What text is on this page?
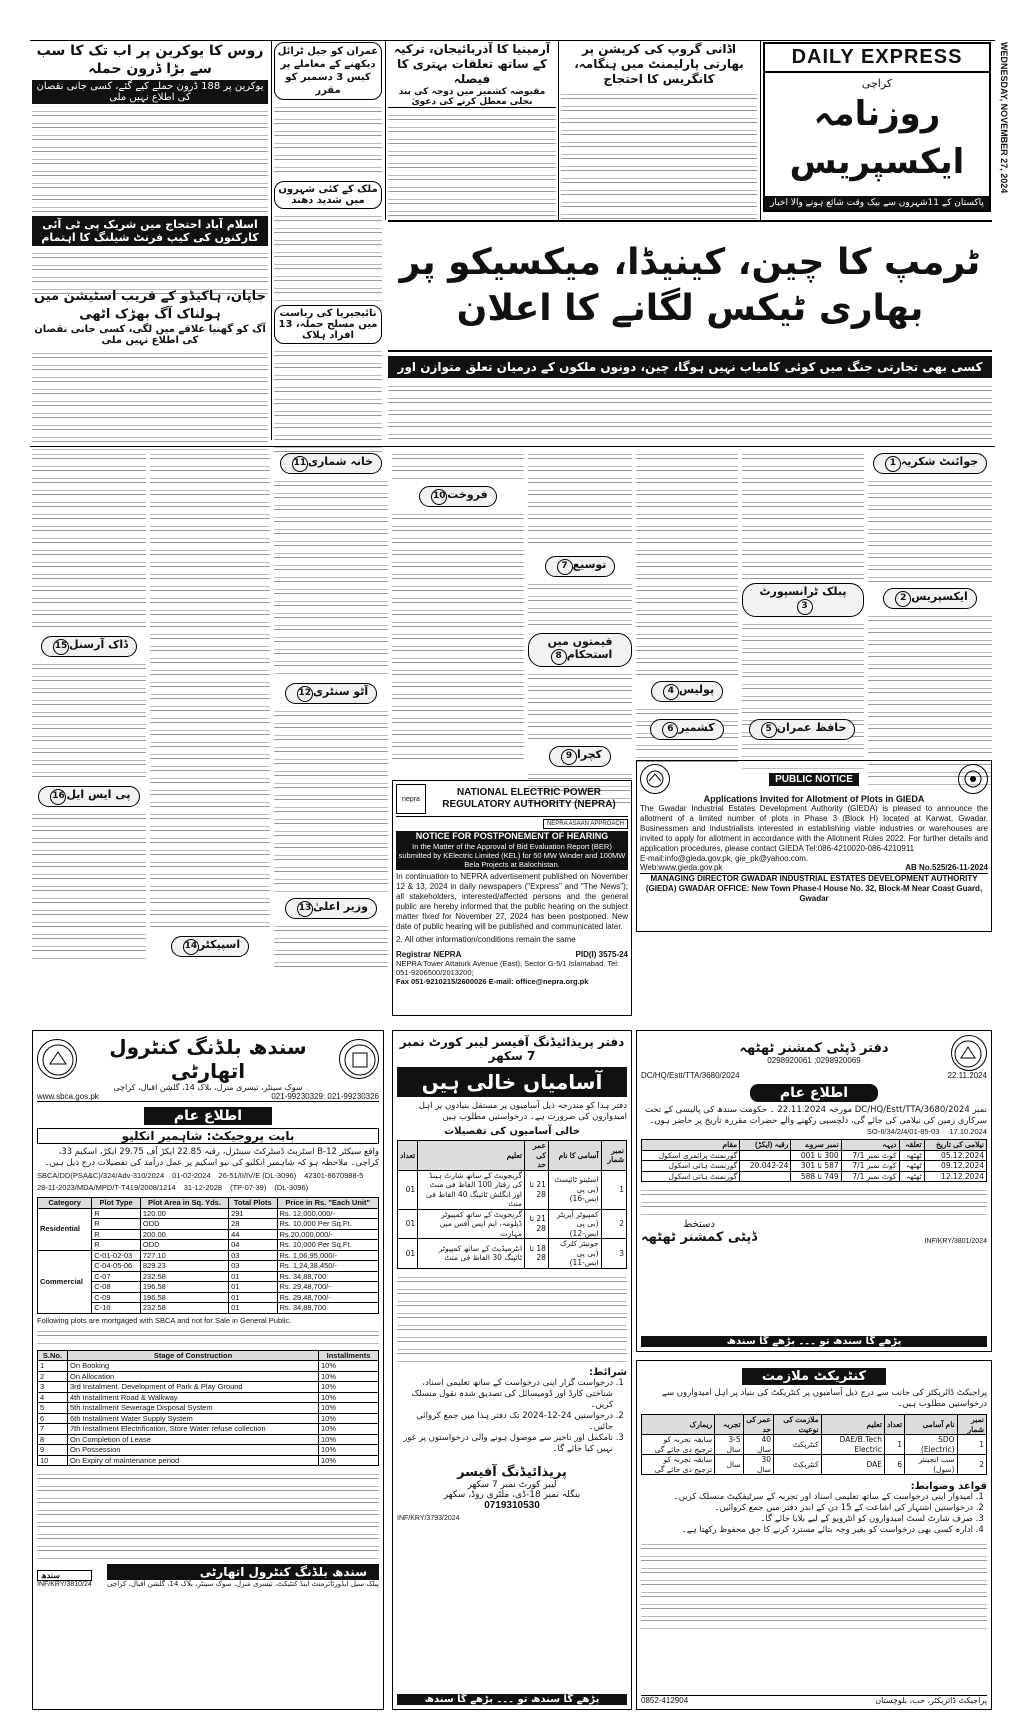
روس کا یوکرین پر اب تک کا سب سے بڑا ڈرون حملہ
یوکرین پر 188 ڈرون حملے کیے گئے، کسی جانی نقصان کی اطلاع نہیں ملی
اسلام آباد احتجاج میں شریک پی ٹی آئی کارکنوں کی کیپ فرنٹ شیلنگ کا اہتمام
جاپان، ہاکیڈو کے قریب اسٹیشن میں ہولناک آگ بھڑک اٹھی
آگ کو گھنیا علاقے میں لگی، کسی جانی نقصان کی اطلاع نہیں ملی
عمران کو جیل ٹرائل دیکھنے کے معاملے پر کیس 3 دسمبر کو مقرر
ملک کے کئی شہروں میں شدید دھند
نائیجیریا کی ریاست میں مسلح حملہ، 13 افراد ہلاک
آرمینیا کا آذربائیجان، ترکیہ کے ساتھ تعلقات بہتری کا فیصلہ
مقبوضہ کشمیر میں ذوجہ کی بند بجلی معطل کرنے کی دعویٰ
اڈانی گروپ کی کرپشن پر بھارتی پارلیمنٹ میں ہنگامہ، کانگریس کا احتجاج
DAILY EXPRESS
کراچی
روزنامہ ایکسپریس
پاکستان کے 11شہروں سے بیک وقت شائع ہونے والا اخبار
WEDNESDAY, NOVEMBER 27, 2024
ٹرمپ کا چین، کینیڈا، میکسیکو پر بھاری ٹیکس لگانے کا اعلان
کسی بھی تجارتی جنگ میں کوئی کامیاب نہیں ہوگا، چین، دونوں ملکوں کے درمیان تعلق متوازن اور
جوائنٹ شکریہ1
ایکسپریس2
پبلک ٹرانسپورٹ3
پولیس4
PUBLIC NOTICE
Applications Invited for Allotment of Plots in GIEDA
The Gwadar Industrial Estates Development Authority (GIEDA) is pleased to announce the allotment of a limited number of plots in Phase 3 (Block H) located at Karwat, Gwadar. Businessmen and industrialists interested in establishing viable industries or warehouses are invited to apply for allotment in accordance with the Allotment Rules 2022. For further details and application procedures, please contact GIEDA Tel:086-4210020-086-4210911
E-mail:info@gieda.gov.pk, gie_pk@yahoo.com.
Web:www.gieda.gov.pk	AB No.525/26-11-2024
MANAGING DIRECTOR GWADAR INDUSTRIAL ESTATES DEVELOPMENT AUTHORITY (GIEDA) GWADAR OFFICE: New Town Phase-I House No. 32, Block-M Near Coast Guard, Gwadar
توسیع7
قیمتوں میں استحکام8
کچرا9
فروخت10
خانہ شماری11
آٹو سنٹری12
وزیر اعلیٰ13
اسپیکٹر14
ڈاک آرسنل15
پی ایس ایل16
حافظ عمران5
کشمیر6
nepra
NATIONAL ELECTRIC POWER REGULATORY AUTHORITY (NEPRA)
NEPRA ASAAN APPROACH
NOTICE FOR POSTPONEMENT OF HEARING
In the Matter of the Approval of Bid Evaluation Report (BER) submitted by KElectric Limited (KEL) for 50 MW Winder and 100MW Bela Projects at Balochistan.
In continuation to NEPRA advertisement published on November 12 & 13, 2024 in daily newspapers ("Express" and "The News"); all stakeholders, interested/affected persons and the general public are hereby informed that the public hearing on the subject matter fixed for November 27, 2024 has been postponed. New date of public hearing will be published and communicated later.
2. All other information/conditions remain the same
Registrar NEPRA	PID(I) 3575-24
NEPRA Tower Attaturk Avenue (East), Sector G-5/1 Islamabad. Tel: 051-9206500/2013200;
Fax 051-9210215/2600026 E-mail: office@nepra.org.pk
سندھ بلڈنگ کنٹرول اتھارٹی
سوک سینٹر، تیسری منزل، بلاک 14، گلشن اقبال، کراچی
www.sbca.gos.pk	021-99230329: 021-99230326
اطلاع عام
بابت پروجیکٹ: شاہمیر انکلیو
واقع سیکٹر 12-B اسٹریٹ ڈسٹرکٹ سینٹرل، رقبہ 22.85 ایکڑ آف 29.75 ایکڑ، اسکیم 33، کراچی۔ ملاحظہ ہو کہ شاہمیر انکلیو کی نیو اسکیم پر عمل درآمد کی تفصیلات درج ذیل ہیں۔
SBCA/DD(PSA&C)/324/Adv-310/2024 01-02-2024 26-51/II/IV/E (DL-3096) 42301-8670988-5
28-11-2023/MDA/MPD/T-T419/2008/1214 31-12-2028 (TP-07-39) (DL-3096)
Category	Plot Type	Plot Area in Sq. Yds.	Total Plots	Price in Rs. "Each Unit"
Residential	R	120.00	291	Rs. 12,000,000/-
	R	ODD	28	Rs. 10,000 Per Sq.Ft.
	R	200.00	44	Rs.20,000,000/-
	R	ODD	04	Rs. 10,000 Per Sq.Ft.
Commercial	C-01-02-03	727.10	03	Rs. 1,06,95,000/-
	C-04-05-06	829.23	03	Rs. 1,24,38,450/-
	C-07	232.58	01	Rs. 34,88,700
	C-08	196.58	01	Rs. 29,48,700/-
	C-09	196.58	01	Rs. 29,48,700/-
	C-10	232.58	01	Rs. 34,88,700
Following plots are mortgaged with SBCA and not for Sale in General Public.
S.No.	Stage of Construction	Installments
1	On Booking	10%
2	On Allocation	10%
3	3rd Instalment. Development of Park & Play Ground	10%
4	4th Installment Road & Walkway	10%
5	5th Installment Sewerage Disposal System	10%
6	6th Installment Water Supply System	10%
7	7th Installment Electrification, Store Water refuse collection	10%
8	On Completion of Lease	10%
9	On Possession	10%
10	On Expiry of maintenance period	10%
سندھ
INF/KRY/3810/24
سندھ بلڈنگ کنٹرول اتھارٹی
پبلک سیل ایڈورٹائزمنٹ اینڈ کنٹیکٹ، تیسری منزل، سوک سینٹر، بلاک 14، گلشن اقبال، کراچی
دفتر پریذائیڈنگ آفیسر لیبر کورٹ نمبر 7 سکھر
آسامیاں خالی ہیں
دفتر ہذا کو مندرجہ ذیل آسامیوں پر مستقل بنیادوں پر اہل امیدواروں کی ضرورت ہے۔ درخواستیں مطلوب ہیں
خالی آسامیوں کی تفصیلات
نمبر شمار	آسامی کا نام	عمر کی حد	تعلیم	تعداد
1	اسٹینو ٹائپسٹ (بی پی ایس-16)	21 تا 28	گریجویٹ کے ساتھ شارٹ ہینڈ کی رفتار 100 الفاظ فی منٹ اور انگلش ٹائپنگ 40 الفاظ فی منٹ	01
2	کمپیوٹر آپریٹر (بی پی ایس-12)	21 تا 28	گریجویٹ کے ساتھ کمپیوٹر ڈپلومہ، ایم ایس آفس میں مہارت	01
3	جونیئر کلرک (بی پی ایس-11)	18 تا 28	انٹرمیڈیٹ کے ساتھ کمپیوٹر ٹائپنگ 30 الفاظ فی منٹ	01
شرائط:
1. درخواست گزار اپنی درخواست کے ساتھ تعلیمی اسناد، شناختی کارڈ اور ڈومیسائل کی تصدیق شدہ نقول منسلک کریں۔
2. درخواستیں 24-12-2024 تک دفتر ہذا میں جمع کروائی جائیں۔
3. نامکمل اور تاخیر سے موصول ہونے والی درخواستوں پر غور نہیں کیا جائے گا۔
پریذائیڈنگ آفیسر
لیبر کورٹ نمبر 7 سکھر
بنگلہ نمبر 18-ڈی، ملٹری روڈ، سکھر
0719310530
INF/KRY/3793/2024
پڑھے گا سندھ تو ۔۔۔ بڑھے گا سندھ
دفتر ڈپٹی کمشنر ٹھٹھہ
0298920069; 0298920061
22.11.2024
DC/HQ/Estt/TTA/3680/2024
اطلاع عام
نمبر DC/HQ/Estt/TTA/3680/2024 مورخہ 22.11.2024 ۔ حکومت سندھ کی پالیسی کے تحت سرکاری زمین کی نیلامی کی جائے گی، دلچسپی رکھنے والے حضرات مقررہ تاریخ پر حاضر ہوں۔
17.10.2024
01-85-03/SO-II/34/2/4
نیلامی کی تاریخ	تعلقہ	دیہہ	نمبر سروے	رقبہ (ایکڑ)	مقام
05.12.2024	ٹھٹھہ	کوٹ نمبر 7/1	300 تا 001		گورنمنٹ پرائمری اسکول
09.12.2024	ٹھٹھہ	کوٹ نمبر 7/1	587 تا 301	20.042-24	گورنمنٹ ہائی اسکول
12.12.2024	ٹھٹھہ	کوٹ نمبر 7/1	749 تا 588		گورنمنٹ ہائی اسکول
INF/KRY/3801/2024
دستخط
ڈپٹی کمشنر ٹھٹھہ
پڑھے گا سندھ تو ۔۔۔ بڑھے گا سندھ
کنٹریکٹ ملازمت
پراجیکٹ ڈائریکٹر کی جانب سے درج ذیل آسامیوں پر کنٹریکٹ کی بنیاد پر اہل امیدواروں سے درخواستیں مطلوب ہیں۔
نمبر شمار	نام آسامی	تعداد	تعلیم	ملازمت کی نوعیت	عمر کی حد	تجربہ	ریمارک
1	SDO (Electric)	1	DAE/B.Tech Electric	کنٹریکٹ	40 سال	3-5 سال	سابقہ تجربہ کو ترجیح دی جائے گی
2	سب انجینئر (سول)	6	DAE	کنٹریکٹ	30 سال	سال	سابقہ تجربہ کو ترجیح دی جائے گی
قواعد وضوابط:
1. امیدوار اپنی درخواست کے ساتھ تعلیمی اسناد اور تجربہ کے سرٹیفکیٹ منسلک کریں۔
2. درخواستیں اشتہار کی اشاعت کے 15 دن کے اندر دفتر میں جمع کروائیں۔
3. صرف شارٹ لسٹ امیدواروں کو انٹرویو کے لیے بلایا جائے گا۔
4. ادارہ کسی بھی درخواست کو بغیر وجہ بتائے مسترد کرنے کا حق محفوظ رکھتا ہے۔
پراجیکٹ ڈائریکٹر، حب، بلوچستان
0852-412904
